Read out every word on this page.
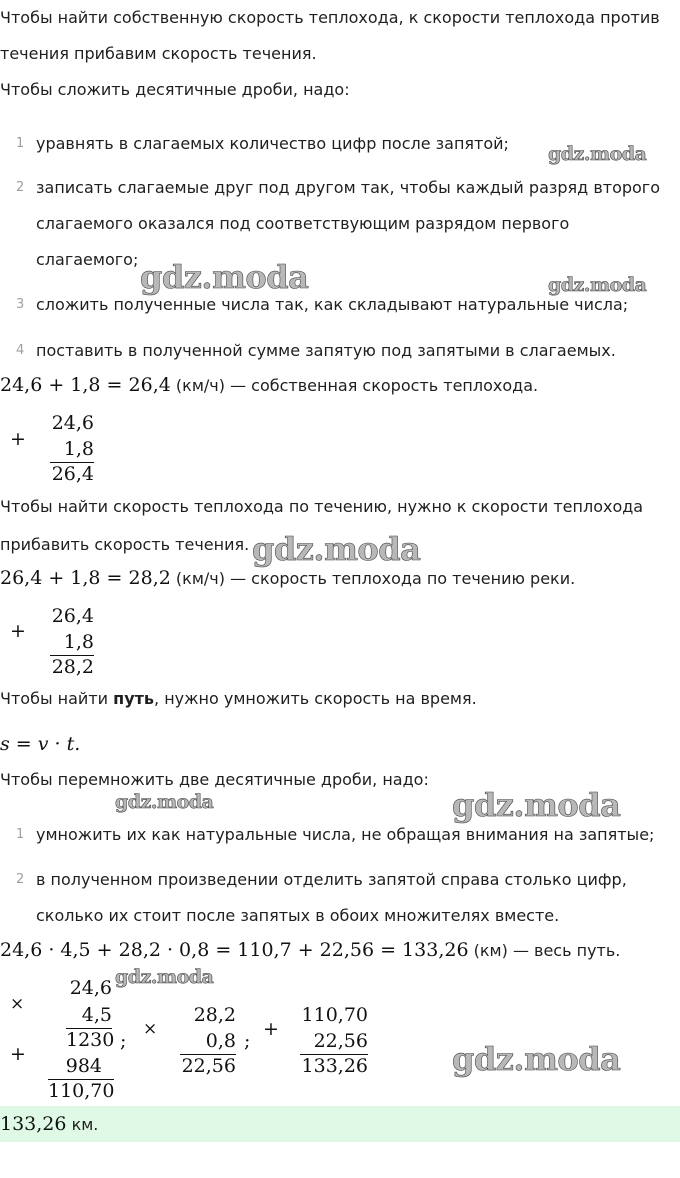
Чтобы найти собственную скорость теплохода, к скорости теплохода против
течения прибавим скорость течения.
Чтобы сложить десятичные дроби, надо:
1 уравнять в слагаемых количество цифр после запятой;
2 записать слагаемые друг под другом так, чтобы каждый разряд второго
слагаемого оказался под соответствующим разрядом первого
слагаемого;
3 сложить полученные числа так, как складывают натуральные числа;
4 поставить в полученной сумме запятую под запятыми в слагаемых.
24,6 + 1,8 = 26,4 (км/ч) — собственная скорость теплохода.
+
24,6
1,8
26,4
Чтобы найти скорость теплохода по течению, нужно к скорости теплохода
прибавить скорость течения.
26,4 + 1,8 = 28,2 (км/ч) — скорость теплохода по течению реки.
+
26,4
1,8
28,2
Чтобы найти путь, нужно умножить скорость на время.
s = v · t.
Чтобы перемножить две десятичные дроби, надо:
1 умножить их как натуральные числа, не обращая внимания на запятые;
2 в полученном произведении отделить запятой справа столько цифр,
сколько их стоит после запятых в обоих множителях вместе.
24,6 · 4,5 + 28,2 · 0,8 = 110,7 + 22,56 = 133,26 (км) — весь путь.
×
+
24,6
4,5
1230
984
110,70
;
×
28,2
0,8
22,56
;
+
110,70
22,56
133,26
133,26 км.
gdz.moda
gdz.moda	gdz.moda
gdz.moda
gdz.moda	gdz.moda
gdz.moda
gdz.moda
